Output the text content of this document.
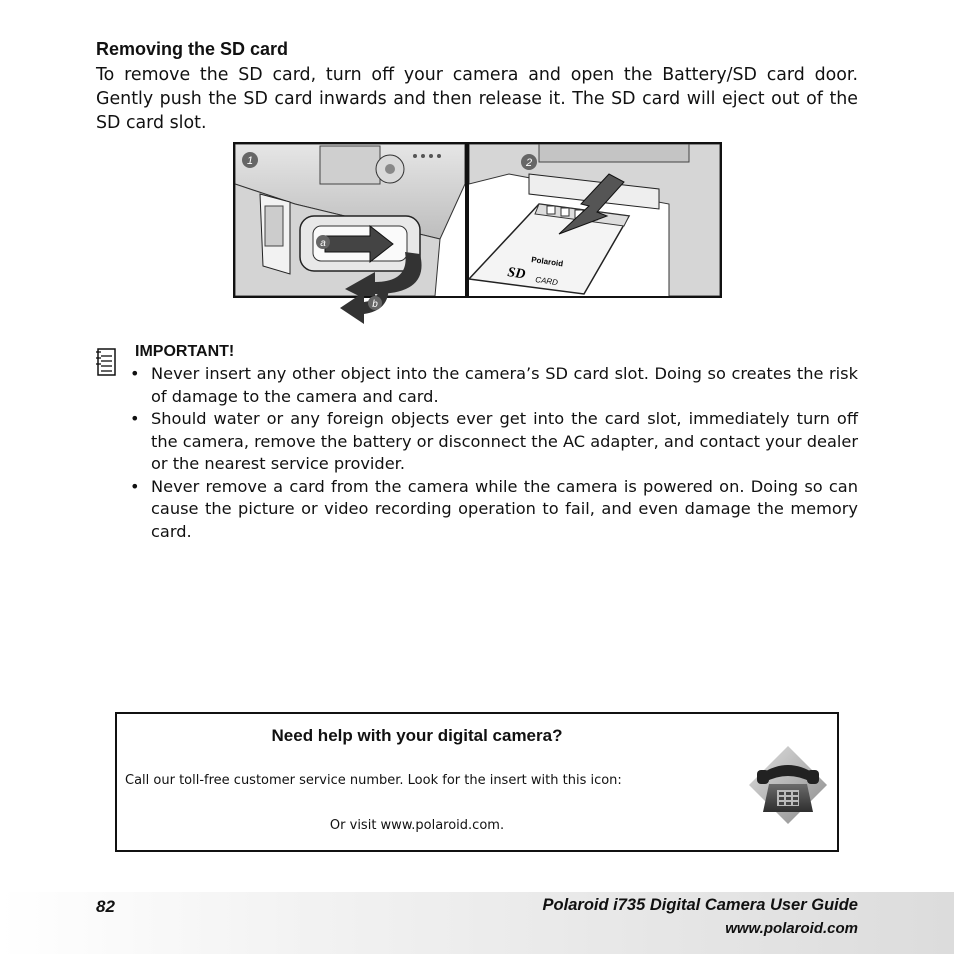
Removing the SD card
To remove the SD card, turn off your camera and open the Battery/SD card door. Gently push the SD card inwards and then release it. The SD card will eject out of the SD card slot.
1
a
b
Polaroid
SD CARD
2
IMPORTANT!
• Never insert any other object into the camera’s SD card slot. Doing so creates the risk of damage to the camera and card.
• Should water or any foreign objects ever get into the card slot, immediately turn off the camera, remove the battery or disconnect the AC adapter, and contact your dealer or the nearest service provider.
• Never remove a card from the camera while the camera is powered on. Doing so can cause the picture or video recording operation to fail, and even damage the memory card.
Need help with your digital camera?
Call our toll-free customer service number. Look for the insert with this icon:
Or visit www.polaroid.com.
82	Polaroid i735 Digital Camera User Guide
www.polaroid.com
